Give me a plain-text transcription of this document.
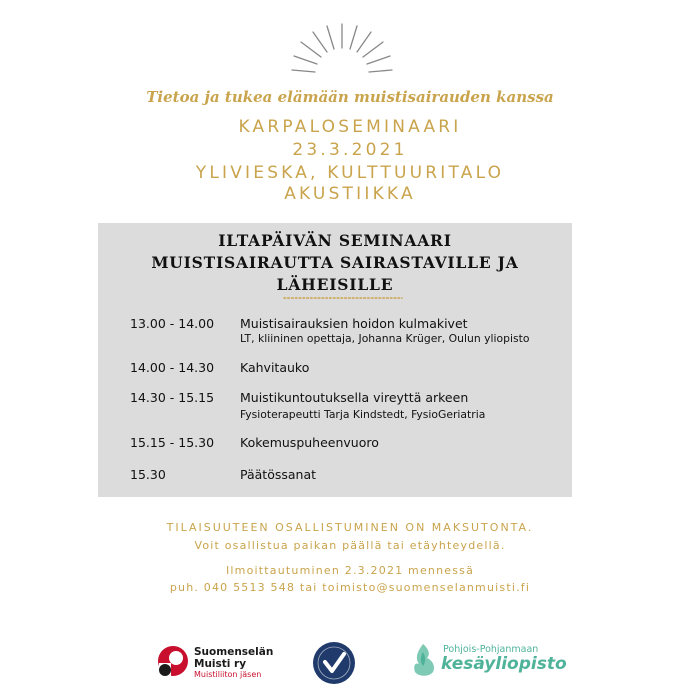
Tietoa ja tukea elämään muistisairauden kanssa
KARPALOSEMINAARI
23.3.2021
YLIVIESKA, KULTTUURITALO
AKUSTIIKKA
ILTAPÄIVÄN SEMINAARI
MUISTISAIRAUTTA SAIRASTAVILLE JA
LÄHEISILLE
13.00 - 14.00 Muistisairauksien hoidon kulmakivet
LT, kliininen opettaja, Johanna Krüger, Oulun yliopisto
14.00 - 14.30 Kahvitauko
14.30 - 15.15 Muistikuntoutuksella vireyttä arkeen
Fysioterapeutti Tarja Kindstedt, FysioGeriatria
15.15 - 15.30 Kokemuspuheenvuoro
15.30	Päätössanat
TILAISUUTEEN OSALLISTUMINEN ON MAKSUTONTA.
Voit osallistua paikan päällä tai etäyhteydellä.
Ilmoittautuminen 2.3.2021 mennessä
puh. 040 5513 548 tai toimisto@suomenselanmuisti.fi
Suomenselän
Muisti ry
Muistiliiton jäsen
Pohjois-Pohjanmaan
kesäyliopisto
